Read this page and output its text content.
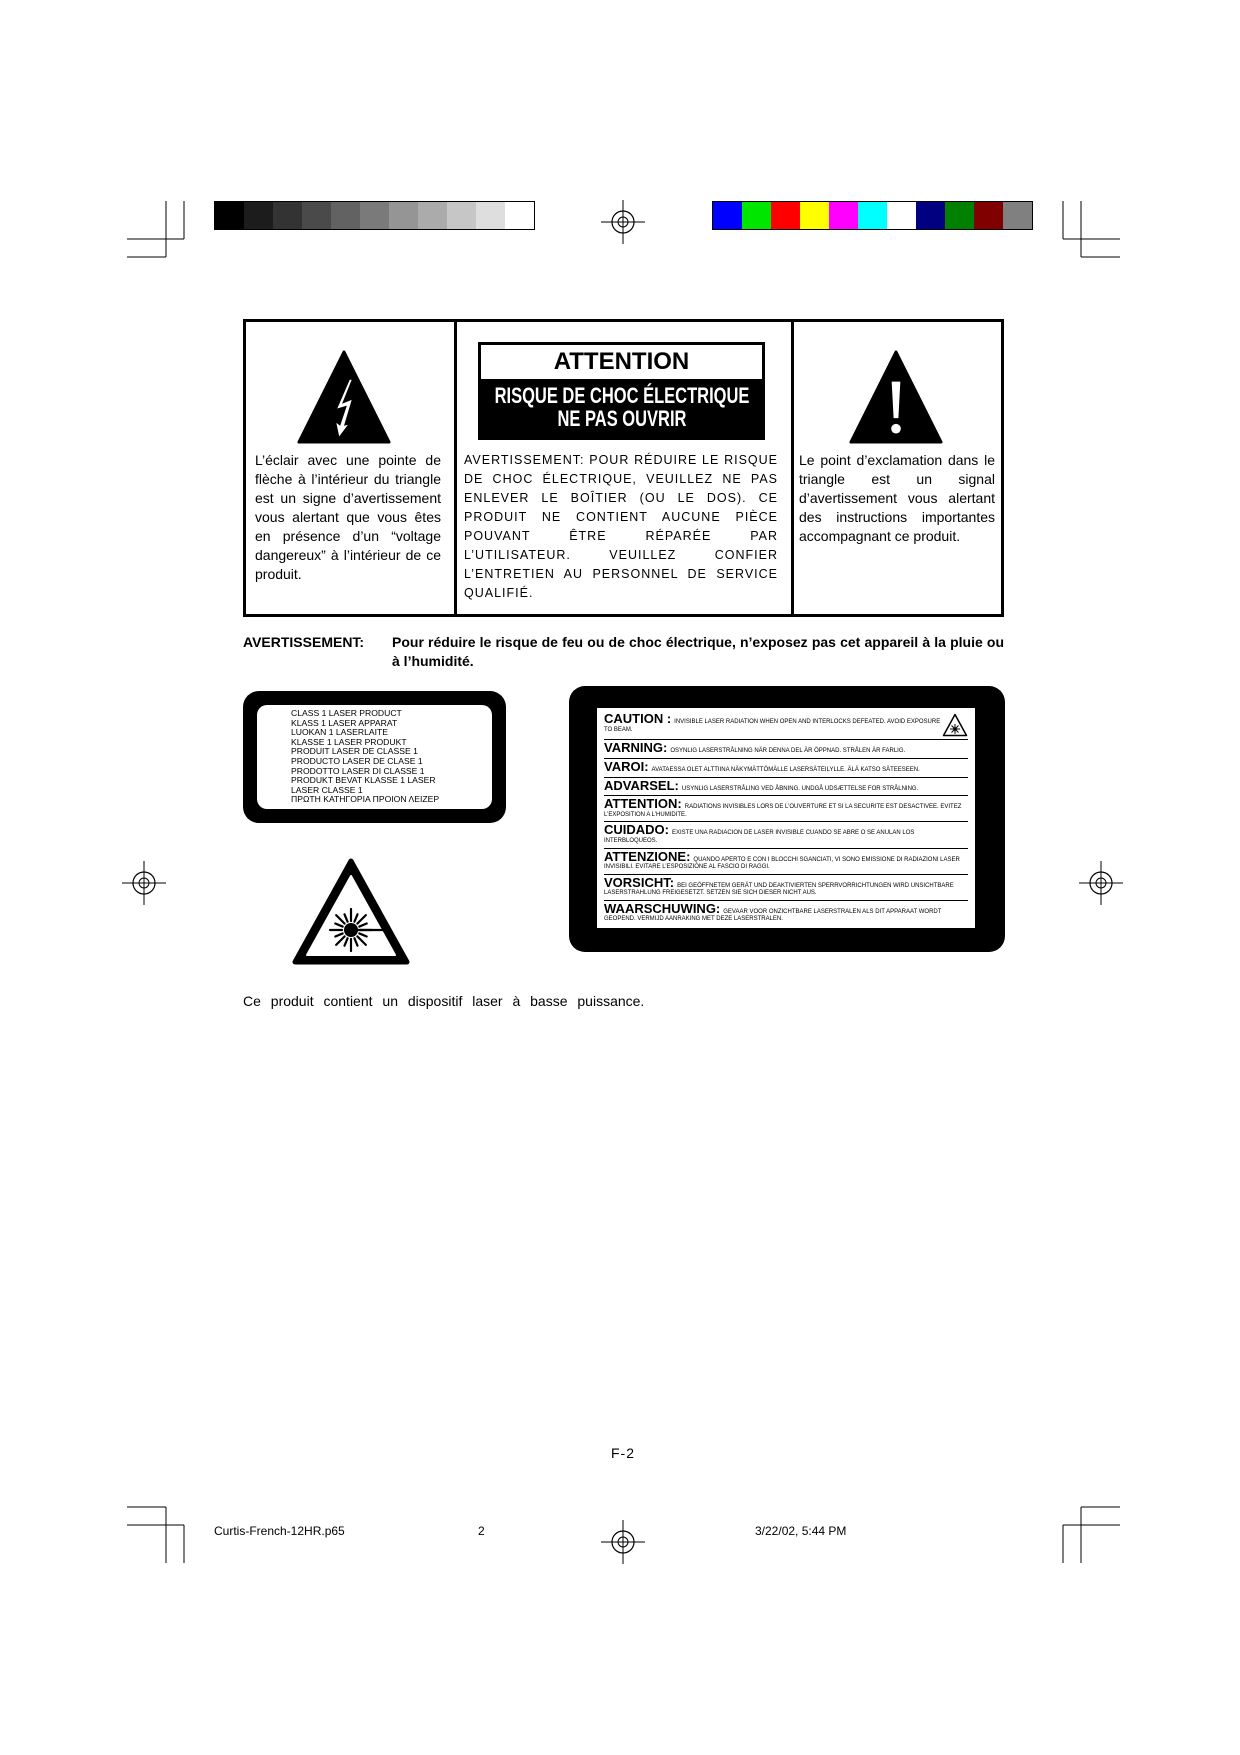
L’éclair avec une pointe de flèche à l’intérieur du triangle est un signe d’avertissement vous alertant que vous êtes en présence d’un “voltage dangereux” à l’intérieur de ce produit.
ATTENTION
RISQUE DE CHOC ÉLECTRIQUE
NE PAS OUVRIR
AVERTISSEMENT: POUR RÉDUIRE LE RISQUE DE CHOC ÉLECTRIQUE, VEUILLEZ NE PAS ENLEVER LE BOÎTIER (OU LE DOS). CE PRODUIT NE CONTIENT AUCUNE PIÈCE POUVANT ÊTRE RÉPARÉE PAR L’UTILISATEUR. VEUILLEZ CONFIER L’ENTRETIEN AU PERSONNEL DE SERVICE QUALIFIÉ.
Le point d’exclamation dans le triangle est un signal d’avertissement vous alertant des instructions importantes accompagnant ce produit.
AVERTISSEMENT: Pour réduire le risque de feu ou de choc électrique, n’exposez pas cet appareil à la pluie ou à l’humidité.
CLASS 1 LASER PRODUCT
KLASS 1 LASER APPARAT
LUOKAN 1 LASERLAITE
KLASSE 1 LASER PRODUKT
PRODUIT LASER DE CLASSE 1
PRODUCTO LASER DE CLASE 1
PRODOTTO LASER DI CLASSE 1
PRODUKT BEVAT KLASSE 1 LASER
LASER CLASSE 1
ΠΡΩΤΗ ΚΑΤΗΓΟΡΙΑ ΠΡΟΙΟΝ ΛΕΙΖΕΡ
CAUTION : INVISIBLE LASER RADIATION WHEN OPEN AND INTERLOCKS DEFEATED. AVOID EXPOSURE TO BEAM.
VARNING: OSYNLIG LASERSTRÅLNING NÄR DENNA DEL ÄR ÖPPNAD. STRÅLEN ÄR FARLIG.
VAROI: AVATAESSA OLET ALTTIINA NÄKYMÄTTÖMÄLLE LASERSÄTEILYLLE. ÄLÄ KATSO SÄTEESEEN.
ADVARSEL: USYNLIG LASERSTRÅLING VED ÅBNING. UNDGÅ UDSÆTTELSE FOR STRÅLNING.
ATTENTION: RADIATIONS INVISIBLES LORS DE L’OUVERTURE ET SI LA SECURITE EST DESACTIVEE. EVITEZ L’EXPOSITION A L’HUMIDITE.
CUIDADO: EXISTE UNA RADIACION DE LASER INVISIBLE CUANDO SE ABRE O SE ANULAN LOS INTERBLOQUEOS.
ATTENZIONE: QUANDO APERTO E CON I BLOCCHI SGANCIATI, VI SONO EMISSIONE DI RADIAZIONI LASER INVISIBILI. EVITARE L’ESPOSIZIONE AL FASCIO DI RAGGI.
VORSICHT: BEI GEÖFFNETEM GERÄT UND DEAKTIVIERTEN SPERRVORRICHTUNGEN WIRD UNSICHTBARE LASERSTRAHLUNG FREIGESETZT. SETZEN SIE SICH DIESER NICHT AUS.
WAARSCHUWING: GEVAAR VOOR ONZICHTBARE LASERSTRALEN ALS DIT APPARAAT WORDT GEOPEND. VERMIJD AANRAKING MET DEZE LASERSTRALEN.
Ce produit contient un dispositif laser à basse puissance.
F-2
Curtis-French-12HR.p65	2	3/22/02, 5:44 PM
